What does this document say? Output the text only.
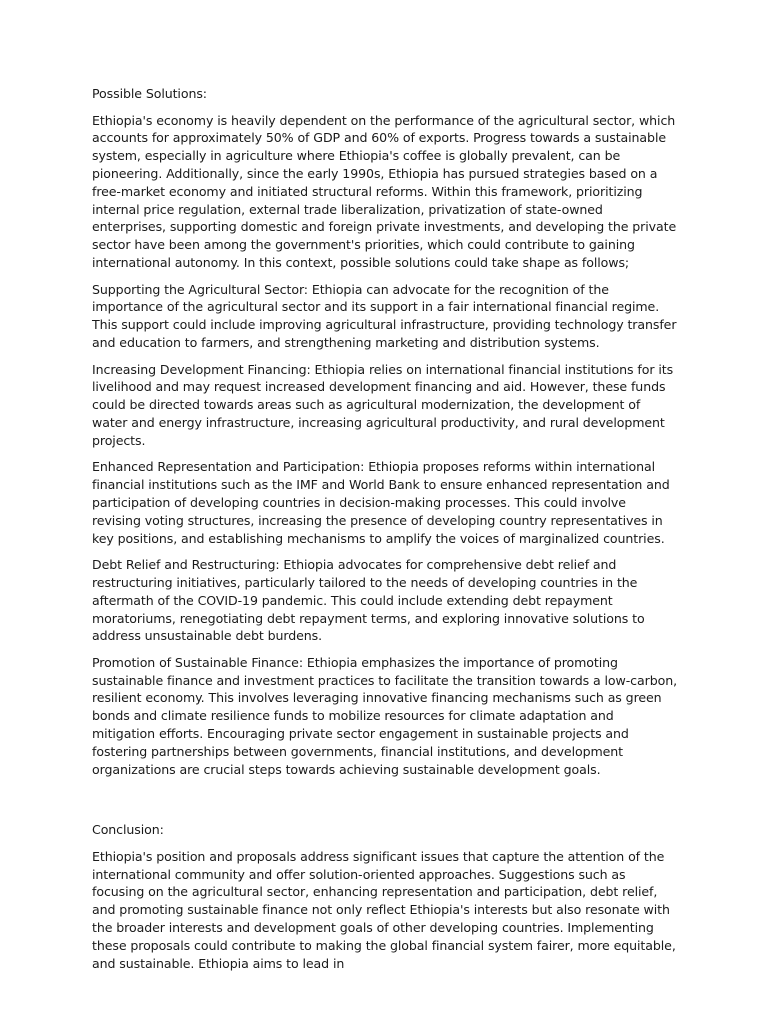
Possible Solutions:

Ethiopia's economy is heavily dependent on the performance of the agricultural sector, which accounts for approximately 50% of GDP and 60% of exports. Progress towards a sustainable system, especially in agriculture where Ethiopia's coffee is globally prevalent, can be pioneering. Additionally, since the early 1990s, Ethiopia has pursued strategies based on a free-market economy and initiated structural reforms. Within this framework, prioritizing internal price regulation, external trade liberalization, privatization of state-owned enterprises, supporting domestic and foreign private investments, and developing the private sector have been among the government's priorities, which could contribute to gaining international autonomy. In this context, possible solutions could take shape as follows;

Supporting the Agricultural Sector: Ethiopia can advocate for the recognition of the importance of the agricultural sector and its support in a fair international financial regime. This support could include improving agricultural infrastructure, providing technology transfer and education to farmers, and strengthening marketing and distribution systems.

Increasing Development Financing: Ethiopia relies on international financial institutions for its livelihood and may request increased development financing and aid. However, these funds could be directed towards areas such as agricultural modernization, the development of water and energy infrastructure, increasing agricultural productivity, and rural development projects.

Enhanced Representation and Participation: Ethiopia proposes reforms within international financial institutions such as the IMF and World Bank to ensure enhanced representation and participation of developing countries in decision-making processes. This could involve revising voting structures, increasing the presence of developing country representatives in key positions, and establishing mechanisms to amplify the voices of marginalized countries.

Debt Relief and Restructuring: Ethiopia advocates for comprehensive debt relief and restructuring initiatives, particularly tailored to the needs of developing countries in the aftermath of the COVID-19 pandemic. This could include extending debt repayment moratoriums, renegotiating debt repayment terms, and exploring innovative solutions to address unsustainable debt burdens.

Promotion of Sustainable Finance: Ethiopia emphasizes the importance of promoting sustainable finance and investment practices to facilitate the transition towards a low-carbon, resilient economy. This involves leveraging innovative financing mechanisms such as green bonds and climate resilience funds to mobilize resources for climate adaptation and mitigation efforts. Encouraging private sector engagement in sustainable projects and fostering partnerships between governments, financial institutions, and development organizations are crucial steps towards achieving sustainable development goals.

Conclusion:

Ethiopia's position and proposals address significant issues that capture the attention of the international community and offer solution-oriented approaches. Suggestions such as focusing on the agricultural sector, enhancing representation and participation, debt relief, and promoting sustainable finance not only reflect Ethiopia's interests but also resonate with the broader interests and development goals of other developing countries. Implementing these proposals could contribute to making the global financial system fairer, more equitable, and sustainable. Ethiopia aims to lead in
